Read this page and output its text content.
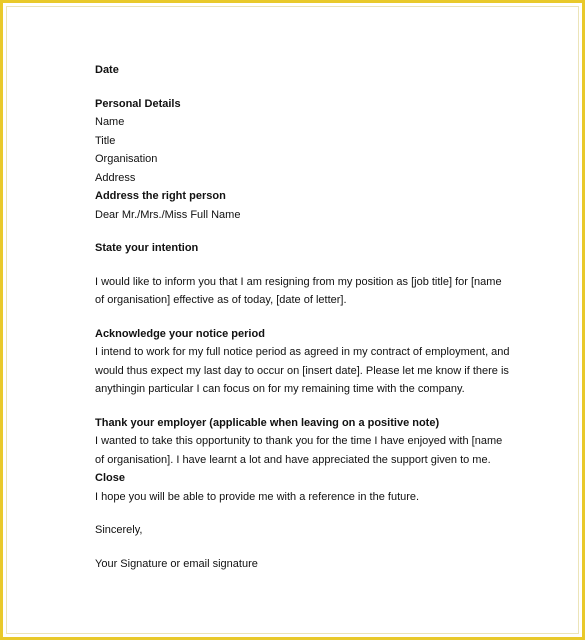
Date
Personal Details
Name
Title
Organisation
Address
Address the right person
Dear Mr./Mrs./Miss Full Name
State your intention
I would like to inform you that I am resigning from my position as [job title] for [name
of organisation] effective as of today, [date of letter].
Acknowledge your notice period
I intend to work for my full notice period as agreed in my contract of employment, and
would thus expect my last day to occur on [insert date]. Please let me know if there is
anythingin particular I can focus on for my remaining time with the company.
Thank your employer (applicable when leaving on a positive note)
I wanted to take this opportunity to thank you for the time I have enjoyed with [name
of organisation]. I have learnt a lot and have appreciated the support given to me.
Close
I hope you will be able to provide me with a reference in the future.
Sincerely,
Your Signature or email signature
